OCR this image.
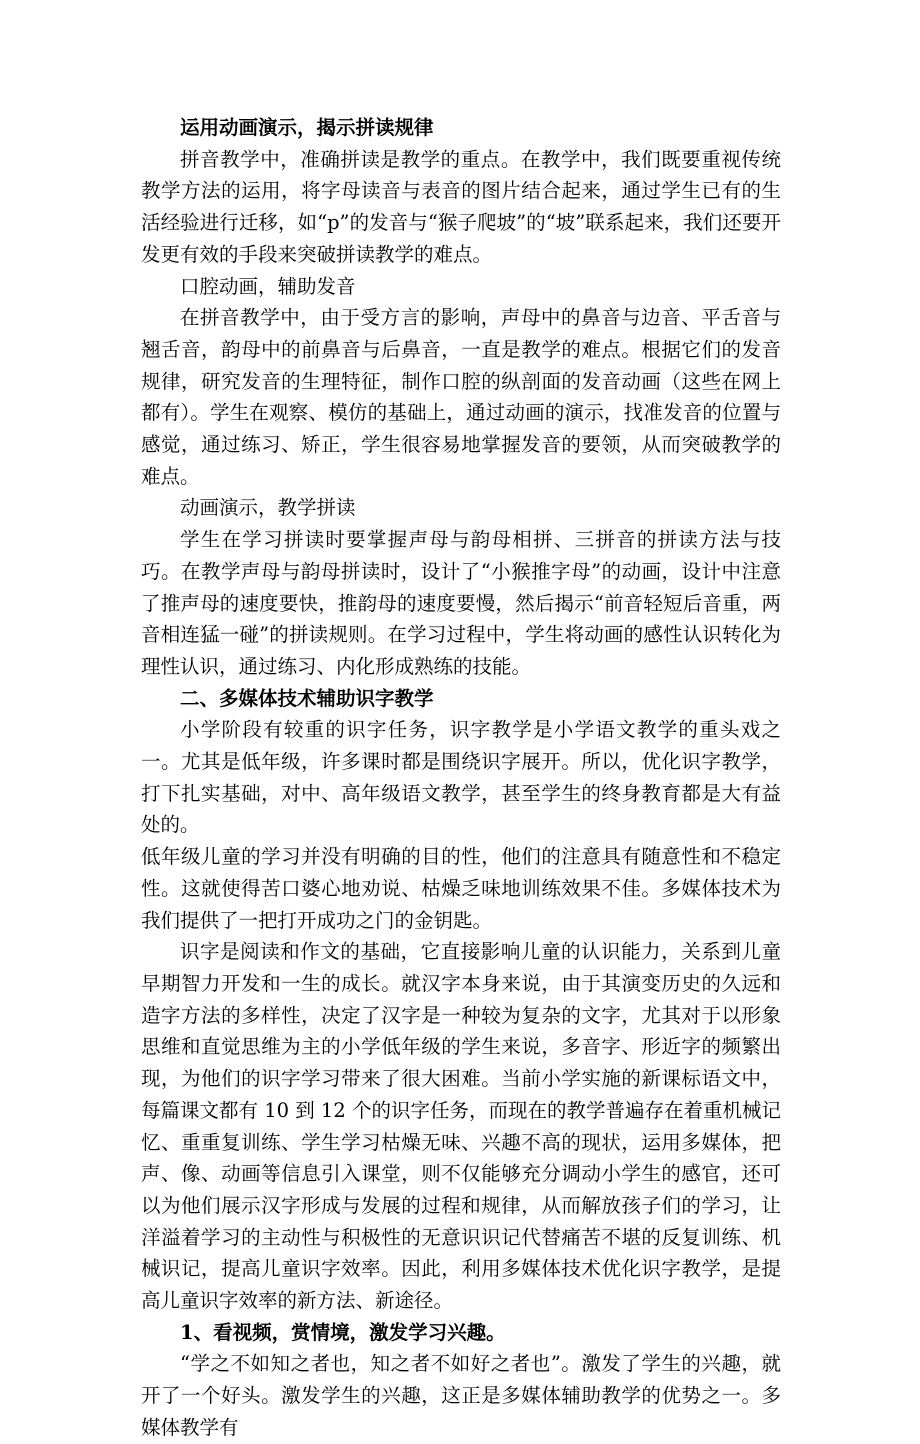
运用动画演示，揭示拼读规律

拼音教学中，准确拼读是教学的重点。在教学中，我们既要重视传统教学方法的运用，将字母读音与表音的图片结合起来，通过学生已有的生活经验进行迁移，如“p”的发音与“猴子爬坡”的“坡”联系起来，我们还要开发更有效的手段来突破拼读教学的难点。

口腔动画，辅助发音

在拼音教学中，由于受方言的影响，声母中的鼻音与边音、平舌音与翘舌音，韵母中的前鼻音与后鼻音，一直是教学的难点。根据它们的发音规律，研究发音的生理特征，制作口腔的纵剖面的发音动画（这些在网上都有）。学生在观察、模仿的基础上，通过动画的演示，找准发音的位置与感觉，通过练习、矫正，学生很容易地掌握发音的要领，从而突破教学的难点。

动画演示，教学拼读

学生在学习拼读时要掌握声母与韵母相拼、三拼音的拼读方法与技巧。在教学声母与韵母拼读时，设计了“小猴推字母”的动画，设计中注意了推声母的速度要快，推韵母的速度要慢，然后揭示“前音轻短后音重，两音相连猛一碰”的拼读规则。在学习过程中，学生将动画的感性认识转化为理性认识，通过练习、内化形成熟练的技能。

二、多媒体技术辅助识字教学

小学阶段有较重的识字任务，识字教学是小学语文教学的重头戏之一。尤其是低年级，许多课时都是围绕识字展开。所以，优化识字教学，打下扎实基础，对中、高年级语文教学，甚至学生的终身教育都是大有益处的。

低年级儿童的学习并没有明确的目的性，他们的注意具有随意性和不稳定性。这就使得苦口婆心地劝说、枯燥乏味地训练效果不佳。多媒体技术为我们提供了一把打开成功之门的金钥匙。

识字是阅读和作文的基础，它直接影响儿童的认识能力，关系到儿童早期智力开发和一生的成长。就汉字本身来说，由于其演变历史的久远和造字方法的多样性，决定了汉字是一种较为复杂的文字，尤其对于以形象思维和直觉思维为主的小学低年级的学生来说，多音字、形近字的频繁出现，为他们的识字学习带来了很大困难。当前小学实施的新课标语文中，每篇课文都有 10 到 12 个的识字任务，而现在的教学普遍存在着重机械记忆、重重复训练、学生学习枯燥无味、兴趣不高的现状，运用多媒体，把声、像、动画等信息引入课堂，则不仅能够充分调动小学生的感官，还可以为他们展示汉字形成与发展的过程和规律，从而解放孩子们的学习，让洋溢着学习的主动性与积极性的无意识识记代替痛苦不堪的反复训练、机械识记，提高儿童识字效率。因此，利用多媒体技术优化识字教学，是提高儿童识字效率的新方法、新途径。

1、看视频，赏情境，激发学习兴趣。

“学之不如知之者也，知之者不如好之者也”。激发了学生的兴趣，就开了一个好头。激发学生的兴趣，这正是多媒体辅助教学的优势之一。多媒体教学有
